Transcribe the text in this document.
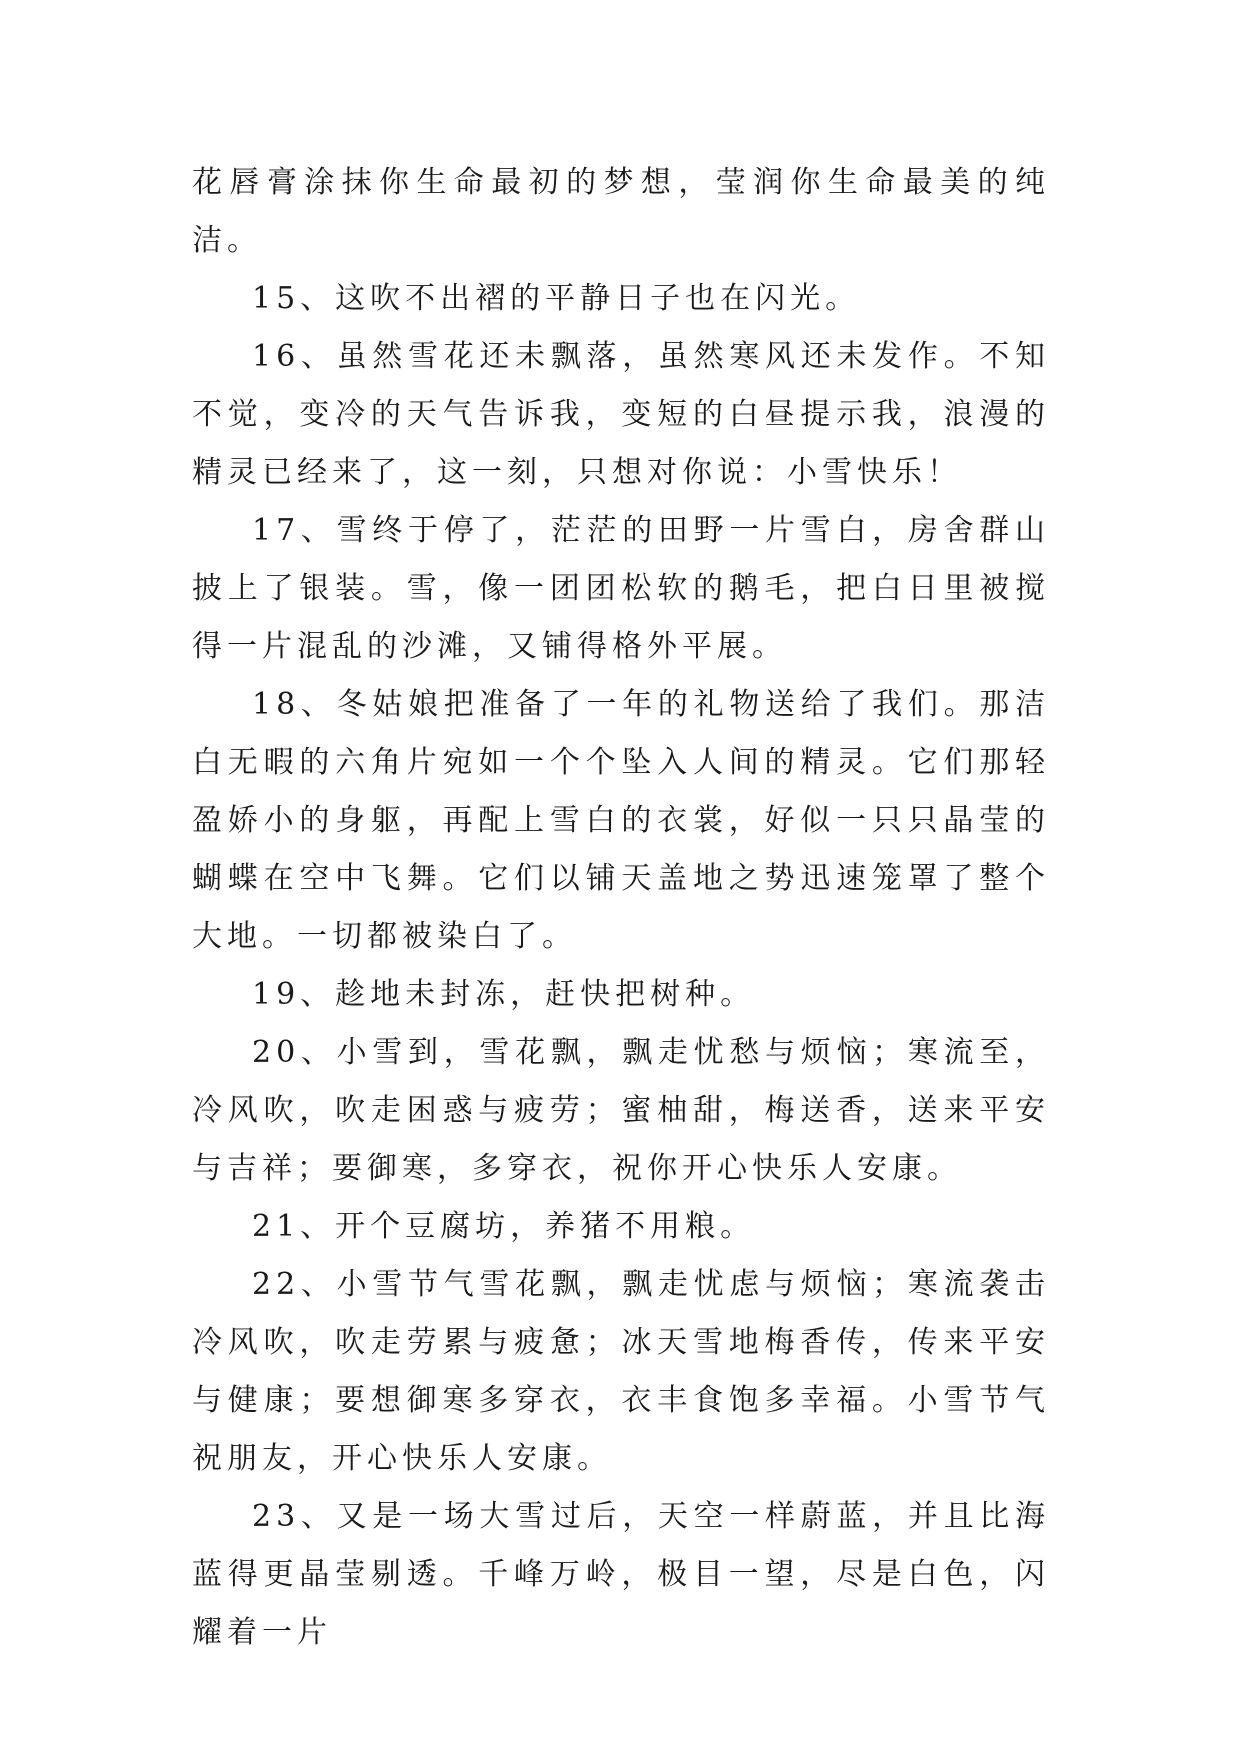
花唇膏涂抹你生命最初的梦想，莹润你生命最美的纯洁。

15、这吹不出褶的平静日子也在闪光。

16、虽然雪花还未飘落，虽然寒风还未发作。不知不觉，变冷的天气告诉我，变短的白昼提示我，浪漫的精灵已经来了，这一刻，只想对你说：小雪快乐！

17、雪终于停了，茫茫的田野一片雪白，房舍群山披上了银装。雪，像一团团松软的鹅毛，把白日里被搅得一片混乱的沙滩，又铺得格外平展。

18、冬姑娘把准备了一年的礼物送给了我们。那洁白无暇的六角片宛如一个个坠入人间的精灵。它们那轻盈娇小的身躯，再配上雪白的衣裳，好似一只只晶莹的蝴蝶在空中飞舞。它们以铺天盖地之势迅速笼罩了整个大地。一切都被染白了。

19、趁地未封冻，赶快把树种。

20、小雪到，雪花飘，飘走忧愁与烦恼；寒流至，冷风吹，吹走困惑与疲劳；蜜柚甜，梅送香，送来平安与吉祥；要御寒，多穿衣，祝你开心快乐人安康。

21、开个豆腐坊，养猪不用粮。

22、小雪节气雪花飘，飘走忧虑与烦恼；寒流袭击冷风吹，吹走劳累与疲惫；冰天雪地梅香传，传来平安与健康；要想御寒多穿衣，衣丰食饱多幸福。小雪节气祝朋友，开心快乐人安康。

23、又是一场大雪过后，天空一样蔚蓝，并且比海蓝得更晶莹剔透。千峰万岭，极目一望，尽是白色，闪耀着一片
